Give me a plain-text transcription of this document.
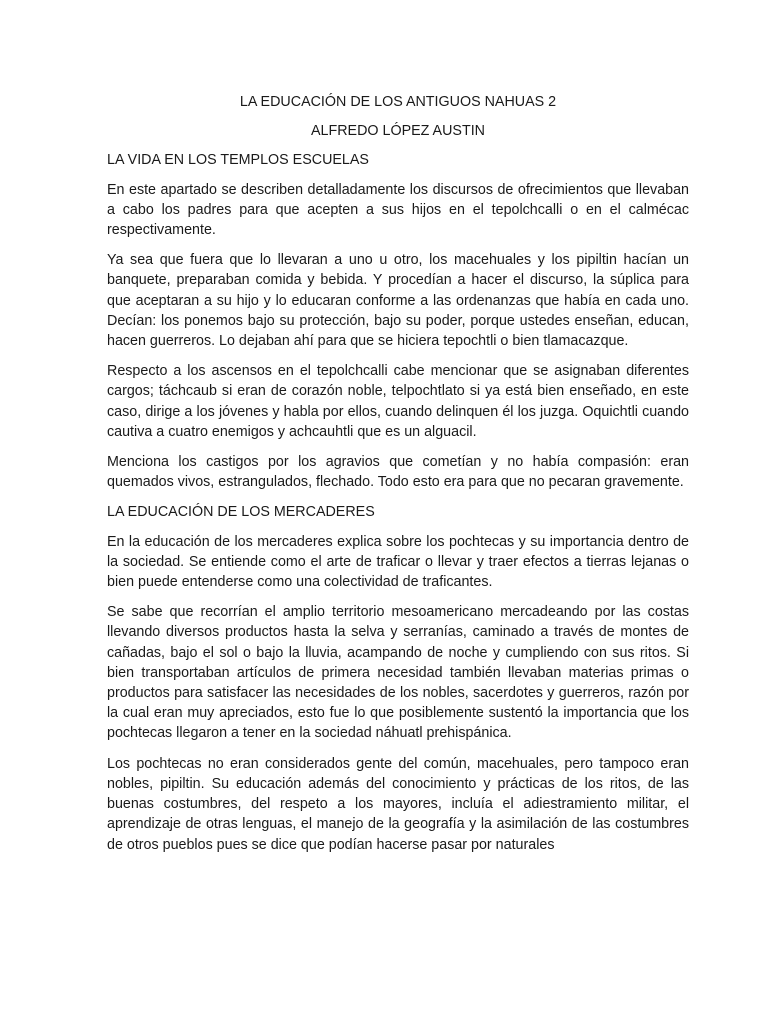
LA EDUCACIÓN DE LOS ANTIGUOS NAHUAS 2

ALFREDO LÓPEZ AUSTIN

LA VIDA EN LOS TEMPLOS ESCUELAS

En este apartado se describen detalladamente los discursos de ofrecimientos que llevaban a cabo los padres para que acepten a sus hijos en el tepolchcalli o en el calmécac respectivamente.

Ya sea que fuera que lo llevaran a uno u otro, los macehuales y los pipiltin hacían un banquete, preparaban comida y bebida. Y procedían a hacer el discurso, la súplica para que aceptaran a su hijo y lo educaran conforme a las ordenanzas que había en cada uno. Decían: los ponemos bajo su protección, bajo su poder, porque ustedes enseñan, educan, hacen guerreros. Lo dejaban ahí para que se hiciera tepochtli o bien tlamacazque.

Respecto a los ascensos en el tepolchcalli cabe mencionar que se asignaban diferentes cargos; táchcaub si eran de corazón noble, telpochtlato si ya está bien enseñado, en este caso, dirige a los jóvenes y habla por ellos, cuando delinquen él los juzga. Oquichtli cuando cautiva a cuatro enemigos y achcauhtli que es un alguacil.

Menciona los castigos por los agravios que cometían y no había compasión: eran quemados vivos, estrangulados, flechado. Todo esto era para que no pecaran gravemente.

LA EDUCACIÓN DE LOS MERCADERES

En la educación de los mercaderes explica sobre los pochtecas y su importancia dentro de la sociedad. Se entiende como el arte de traficar o llevar y traer efectos a tierras lejanas o bien puede entenderse como una colectividad de traficantes.

Se sabe que recorrían el amplio territorio mesoamericano mercadeando por las costas llevando diversos productos hasta la selva y serranías, caminado a través de montes de cañadas, bajo el sol o bajo la lluvia, acampando de noche y cumpliendo con sus ritos. Si bien transportaban artículos de primera necesidad también llevaban materias primas o productos para satisfacer las necesidades de los nobles, sacerdotes y guerreros, razón por la cual eran muy apreciados, esto fue lo que posiblemente sustentó la importancia que los pochtecas llegaron a tener en la sociedad náhuatl prehispánica.

Los pochtecas no eran considerados gente del común, macehuales, pero tampoco eran nobles, pipiltin. Su educación además del conocimiento y prácticas de los ritos, de las buenas costumbres, del respeto a los mayores, incluía el adiestramiento militar, el aprendizaje de otras lenguas, el manejo de la geografía y la asimilación de las costumbres de otros pueblos pues se dice que podían hacerse pasar por naturales
